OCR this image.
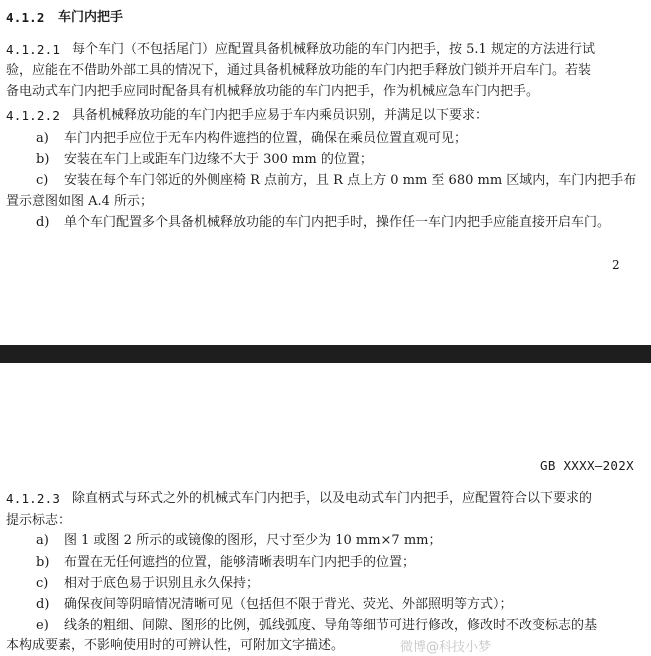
4.1.2 车门内把手
4.1.2.1 每个车门（不包括尾门）应配置具备机械释放功能的车门内把手，按 5.1 规定的方法进行试
验，应能在不借助外部工具的情况下，通过具备机械释放功能的车门内把手释放门锁并开启车门。若装
备电动式车门内把手应同时配备具有机械释放功能的车门内把手，作为机械应急车门内把手。
4.1.2.2 具备机械释放功能的车门内把手应易于车内乘员识别，并满足以下要求：
a) 车门内把手应位于无车内构件遮挡的位置，确保在乘员位置直观可见；
b) 安装在车门上或距车门边缘不大于 300 mm 的位置；
c) 安装在每个车门邻近的外侧座椅 R 点前方，且 R 点上方 0 mm 至 680 mm 区域内，车门内把手布
置示意图如图 A.4 所示；
d) 单个车门配置多个具备机械释放功能的车门内把手时，操作任一车门内把手应能直接开启车门。
2
GB XXXX—202X
4.1.2.3 除直柄式与环式之外的机械式车门内把手，以及电动式车门内把手，应配置符合以下要求的
提示标志：
a) 图 1 或图 2 所示的或镜像的图形，尺寸至少为 10 mm×7 mm；
b) 布置在无任何遮挡的位置，能够清晰表明车门内把手的位置；
c) 相对于底色易于识别且永久保持；
d) 确保夜间等阴暗情况清晰可见（包括但不限于背光、荧光、外部照明等方式）；
e) 线条的粗细、间隙、图形的比例，弧线弧度、导角等细节可进行修改，修改时不改变标志的基
本构成要素，不影响使用时的可辨认性，可附加文字描述。	微博@科技小梦
